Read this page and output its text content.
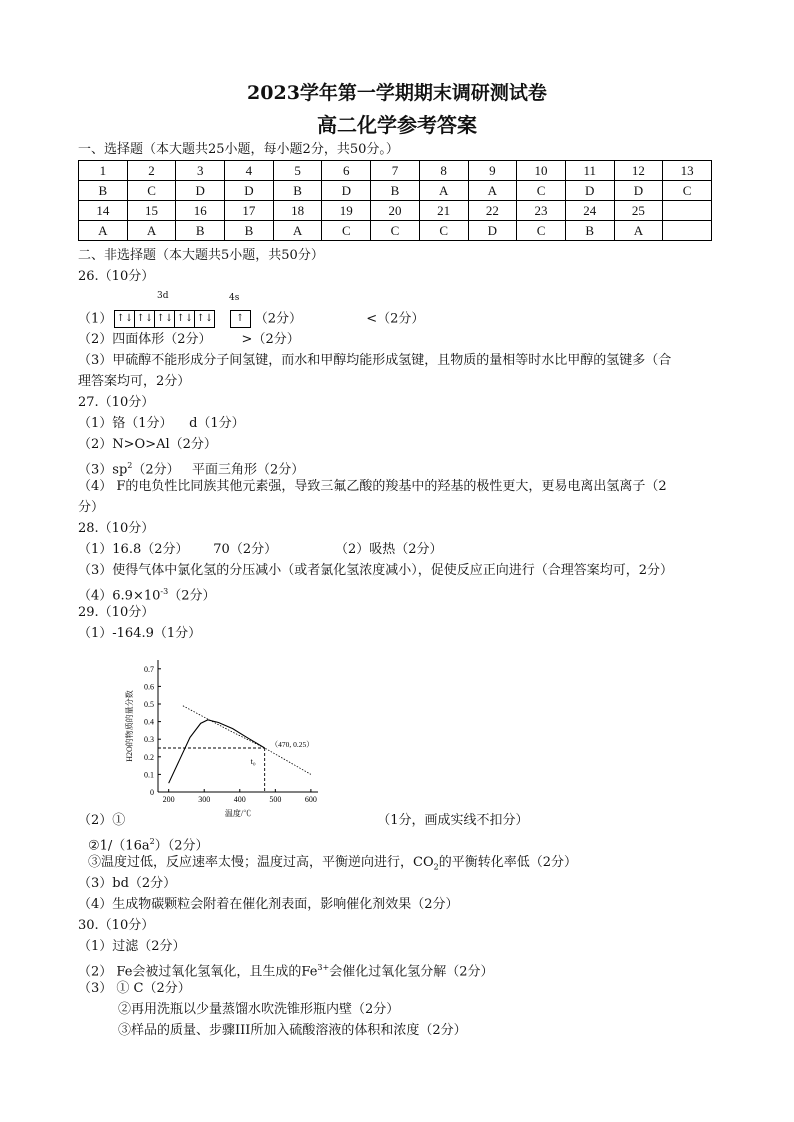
2023学年第一学期期末调研测试卷
高二化学参考答案
一、选择题（本大题共25小题，每小题2分，共50分。）
1	2	3	4	5	6	7	8	9	10	11	12	13
B	C	D	D	B	D	B	A	A	C	D	D	C
14	15	16	17	18	19	20	21	22	23	24	25	
A	A	B	B	A	C	C	C	D	C	B	A	
二、非选择题（本大题共5小题，共50分）
26.（10分）
3d	4s
（1） ↑↓ ↑↓ ↑↓ ↑↓ ↑↓ ↑ （2分）	<（2分）
（2）四面体形（2分） >（2分）
（3）甲硫醇不能形成分子间氢键，而水和甲醇均能形成氢键，且物质的量相等时水比甲醇的氢键多（合
理答案均可，2分）
27.（10分）
（1）铬（1分）    d（1分）
（2）N>O>Al（2分）
$(3)sp^2(2$分）   平面三角形（2分）
（4） F的电负性比同族其他元素强，导致三氟乙酸的羧基中的羟基的极性更大，更易电离出氢离子（2
分）
28.（10分）
（1）16.8（2分）      70（2分）              （2）吸热（2分）
（3）使得气体中氯化氢的分压减小（或者氯化氢浓度减小），促使反应正向进行（合理答案均可，2分）
$(4)6.9\times 10^{-3}(2$分）
29.（10分）
（1）-164.9（1分）
200	300	400	500	600
0
0.1
0.2
0.3
0.4
0.5
0.6
0.7
温度/℃
H2O的物质的量分数	（470, 0.25）
t₀
（2）①	（1分，画成实线不扣分）
$②1/(16a^2)(2$分）
③温度过低，反应速率太慢；温度过高，平衡逆向进行，$CO_2$的平衡转化率低（2分）
（3）bd（2分）
（4）生成物碳颗粒会附着在催化剂表面，影响催化剂效果（2分）
30.（10分）
（1）过滤（2分）
（2） Fe会被过氧化氢氧化，且生成的$Fe^{3+}$会催化过氧化氢分解（2分）
（3） ① C（2分）
②再用洗瓶以少量蒸馏水吹洗锥形瓶内壁（2分）
③样品的质量、步骤III所加入硫酸溶液的体积和浓度（2分）
